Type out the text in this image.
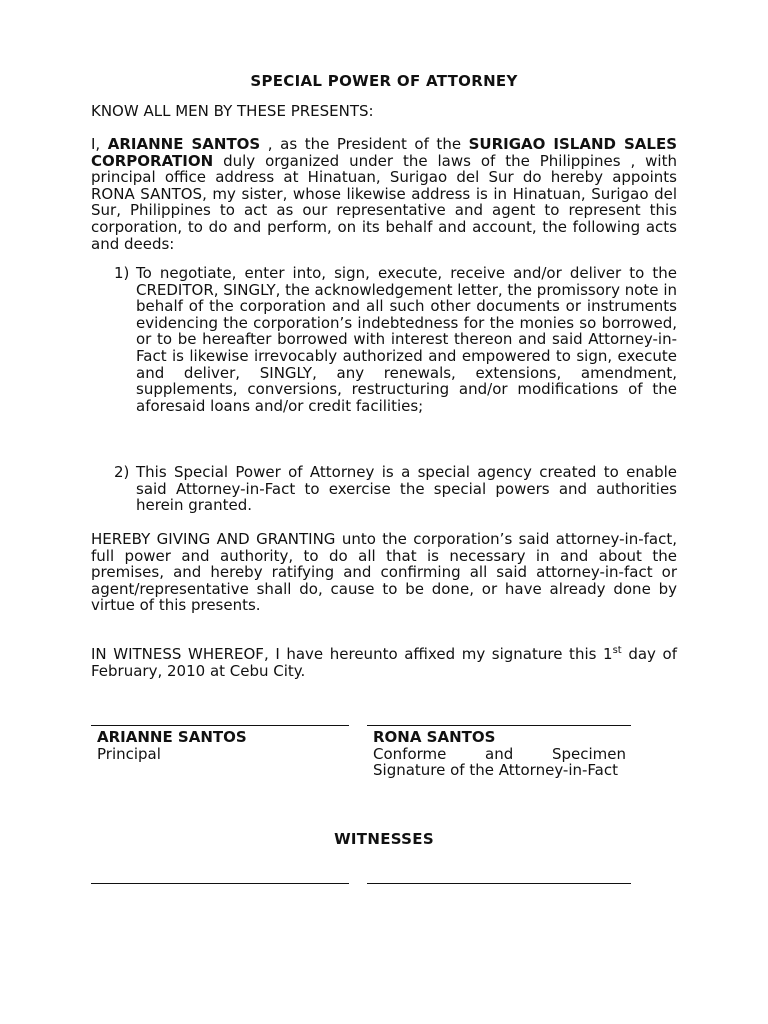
SPECIAL POWER OF ATTORNEY
KNOW ALL MEN BY THESE PRESENTS:
I, ARIANNE SANTOS , as the President of the SURIGAO ISLAND SALES CORPORATION duly organized under the laws of the Philippines , with principal office address at Hinatuan, Surigao del Sur do hereby appoints RONA SANTOS, my sister, whose likewise address is in Hinatuan, Surigao del Sur, Philippines to act as our representative and agent to represent this corporation, to do and perform, on its behalf and account, the following acts and deeds:
1) To negotiate, enter into, sign, execute, receive and/or deliver to the CREDITOR, SINGLY, the acknowledgement letter, the promissory note in behalf of the corporation and all such other documents or instruments evidencing the corporation’s indebtedness for the monies so borrowed, or to be hereafter borrowed with interest thereon and said Attorney-in-Fact is likewise irrevocably authorized and empowered to sign, execute and deliver, SINGLY, any renewals, extensions, amendment, supplements, conversions, restructuring and/or modifications of the aforesaid loans and/or credit facilities;
2) This Special Power of Attorney is a special agency created to enable said Attorney-in-Fact to exercise the special powers and authorities herein granted.
HEREBY GIVING AND GRANTING unto the corporation’s said attorney-in-fact, full power and authority, to do all that is necessary in and about the premises, and hereby ratifying and confirming all said attorney-in-fact or agent/representative shall do, cause to be done, or have already done by virtue of this presents.
IN WITNESS WHEREOF, I have hereunto affixed my signature this 1st day of February, 2010 at Cebu City.
ARIANNE SANTOS
Principal
RONA SANTOS
Conforme and Specimen Signature of the Attorney-in-Fact
WITNESSES
